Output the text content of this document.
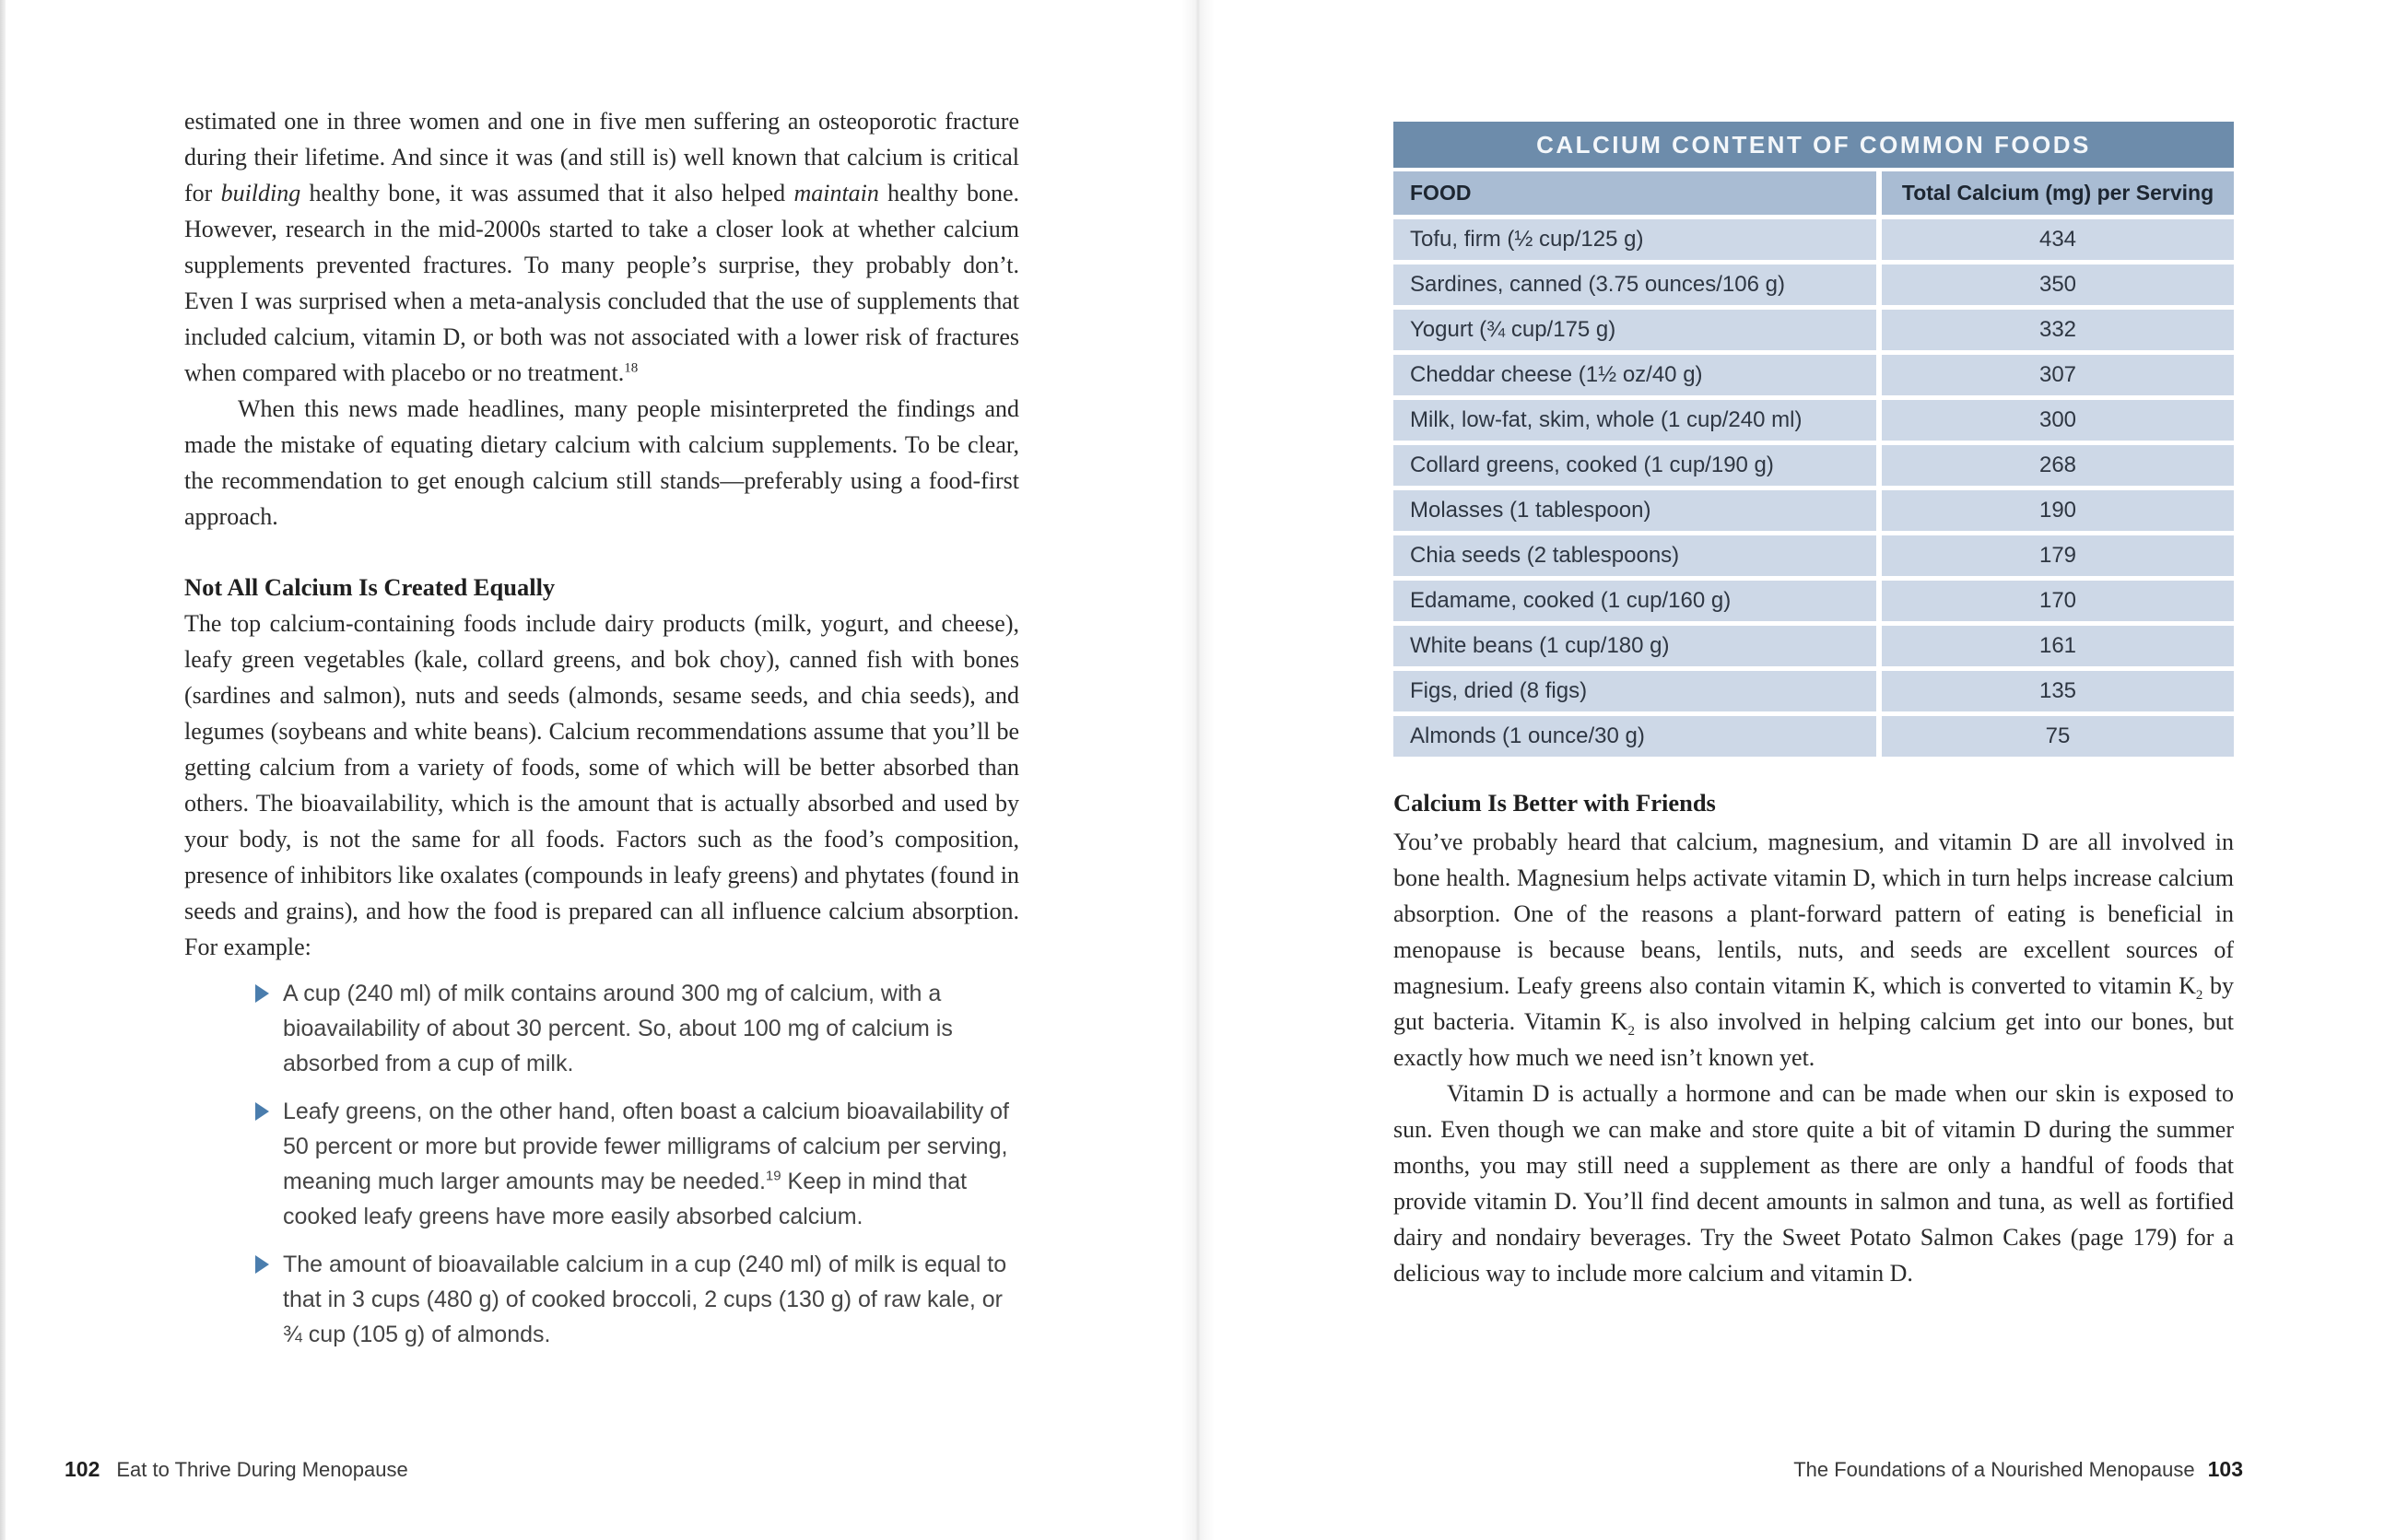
estimated one in three women and one in five men suffering an osteoporotic fracture during their lifetime. And since it was (and still is) well known that calcium is critical for building healthy bone, it was assumed that it also helped maintain healthy bone. However, research in the mid-2000s started to take a closer look at whether calcium supplements prevented fractures. To many people’s surprise, they probably don’t. Even I was surprised when a meta-analysis concluded that the use of supplements that included calcium, vitamin D, or both was not associated with a lower risk of fractures when compared with placebo or no treatment.$^{18}$

When this news made headlines, many people misinterpreted the findings and made the mistake of equating dietary calcium with calcium supplements. To be clear, the recommendation to get enough calcium still stands—preferably using a food-first approach.

Not All Calcium Is Created Equally

The top calcium-containing foods include dairy products (milk, yogurt, and cheese), leafy green vegetables (kale, collard greens, and bok choy), canned fish with bones (sardines and salmon), nuts and seeds (almonds, sesame seeds, and chia seeds), and legumes (soybeans and white beans). Calcium recommendations assume that you’ll be getting calcium from a variety of foods, some of which will be better absorbed than others. The bioavailability, which is the amount that is actually absorbed and used by your body, is not the same for all foods. Factors such as the food’s composition, presence of inhibitors like oxalates (compounds in leafy greens) and phytates (found in seeds and grains), and how the food is prepared can all influence calcium absorption. For example:

A cup (240 ml) of milk contains around 300 mg of calcium, with a bioavailability of about 30 percent. So, about 100 mg of calcium is absorbed from a cup of milk.
Leafy greens, on the other hand, often boast a calcium bioavailability of 50 percent or more but provide fewer milligrams of calcium per serving, meaning much larger amounts may be needed.$^{19}$ Keep in mind that cooked leafy greens have more easily absorbed calcium.
The amount of bioavailable calcium in a cup (240 ml) of milk is equal to that in 3 cups (480 g) of cooked broccoli, 2 cups (130 g) of raw kale, or ¾ cup (105 g) of almonds.
102 Eat to Thrive During Menopause
CALCIUM CONTENT OF COMMON FOODS
FOOD	Total Calcium (mg) per Serving
Tofu, firm (½ cup/125 g)	434
Sardines, canned (3.75 ounces/106 g)	350
Yogurt (¾ cup/175 g)	332
Cheddar cheese (1½ oz/40 g)	307
Milk, low-fat, skim, whole (1 cup/240 ml)	300
Collard greens, cooked (1 cup/190 g)	268
Molasses (1 tablespoon)	190
Chia seeds (2 tablespoons)	179
Edamame, cooked (1 cup/160 g)	170
White beans (1 cup/180 g)	161
Figs, dried (8 figs)	135
Almonds (1 ounce/30 g)	75
Calcium Is Better with Friends

You’ve probably heard that calcium, magnesium, and vitamin D are all involved in bone health. Magnesium helps activate vitamin D, which in turn helps increase calcium absorption. One of the reasons a plant-forward pattern of eating is beneficial in menopause is because beans, lentils, nuts, and seeds are excellent sources of magnesium. Leafy greens also contain vitamin K, which is converted to vitamin $K_2$ by gut bacteria. Vitamin $K_2$ is also involved in helping calcium get into our bones, but exactly how much we need isn’t known yet.

Vitamin D is actually a hormone and can be made when our skin is exposed to sun. Even though we can make and store quite a bit of vitamin D during the summer months, you may still need a supplement as there are only a handful of foods that provide vitamin D. You’ll find decent amounts in salmon and tuna, as well as fortified dairy and nondairy beverages. Try the Sweet Potato Salmon Cakes (page 179) for a delicious way to include more calcium and vitamin D.

The Foundations of a Nourished Menopause 103
